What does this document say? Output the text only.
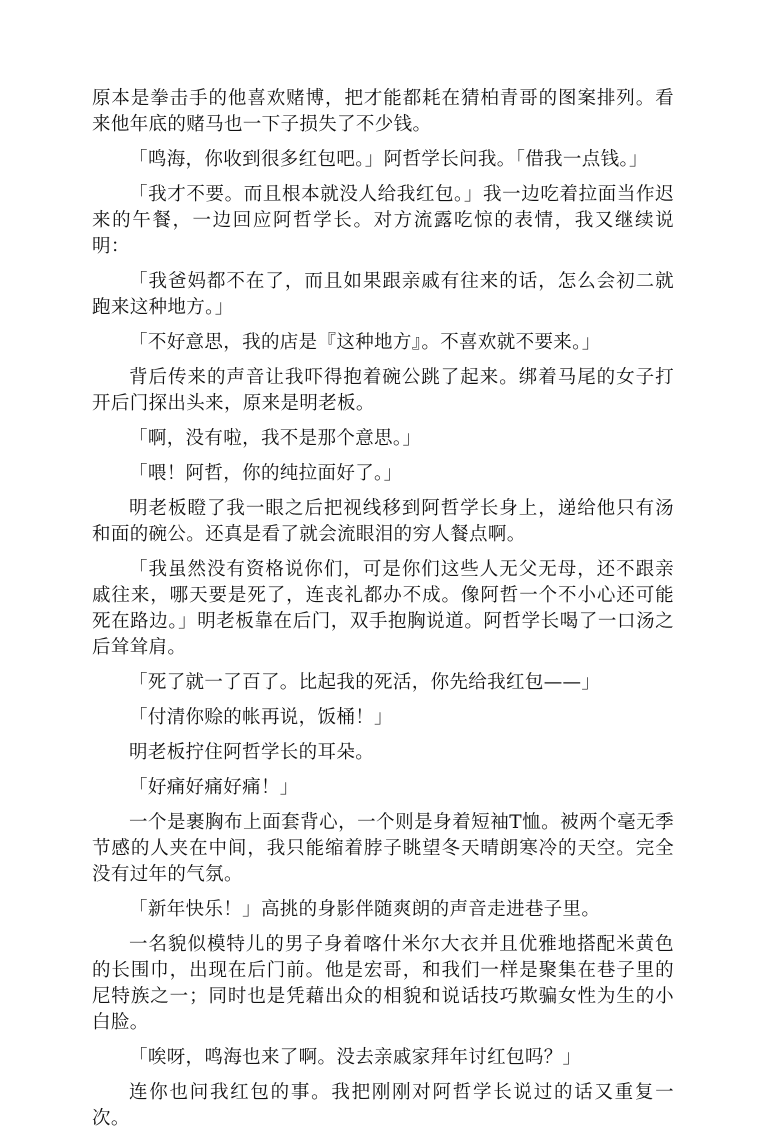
原本是拳击手的他喜欢赌博，把才能都耗在猜柏青哥的图案排列。看来他年底的赌马也一下子损失了不少钱。

「鸣海，你收到很多红包吧。」阿哲学长问我。「借我一点钱。」

「我才不要。而且根本就没人给我红包。」我一边吃着拉面当作迟来的午餐，一边回应阿哲学长。对方流露吃惊的表情，我又继续说明：

「我爸妈都不在了，而且如果跟亲戚有往来的话，怎么会初二就跑来这种地方。」

「不好意思，我的店是『这种地方』。不喜欢就不要来。」

背后传来的声音让我吓得抱着碗公跳了起来。绑着马尾的女子打开后门探出头来，原来是明老板。

「啊，没有啦，我不是那个意思。」

「喂！阿哲，你的纯拉面好了。」

明老板瞪了我一眼之后把视线移到阿哲学长身上，递给他只有汤和面的碗公。还真是看了就会流眼泪的穷人餐点啊。

「我虽然没有资格说你们，可是你们这些人无父无母，还不跟亲戚往来，哪天要是死了，连丧礼都办不成。像阿哲一个不小心还可能死在路边。」明老板靠在后门，双手抱胸说道。阿哲学长喝了一口汤之后耸耸肩。

「死了就一了百了。比起我的死活，你先给我红包——」

「付清你赊的帐再说，饭桶！」

明老板拧住阿哲学长的耳朵。

「好痛好痛好痛！」

一个是裹胸布上面套背心，一个则是身着短袖T恤。被两个毫无季节感的人夹在中间，我只能缩着脖子眺望冬天晴朗寒冷的天空。完全没有过年的气氛。

「新年快乐！」高挑的身影伴随爽朗的声音走进巷子里。

一名貌似模特儿的男子身着喀什米尔大衣并且优雅地搭配米黄色的长围巾，出现在后门前。他是宏哥，和我们一样是聚集在巷子里的尼特族之一；同时也是凭藉出众的相貌和说话技巧欺骗女性为生的小白脸。

「唉呀，鸣海也来了啊。没去亲戚家拜年讨红包吗？」

连你也问我红包的事。我把刚刚对阿哲学长说过的话又重复一次。
